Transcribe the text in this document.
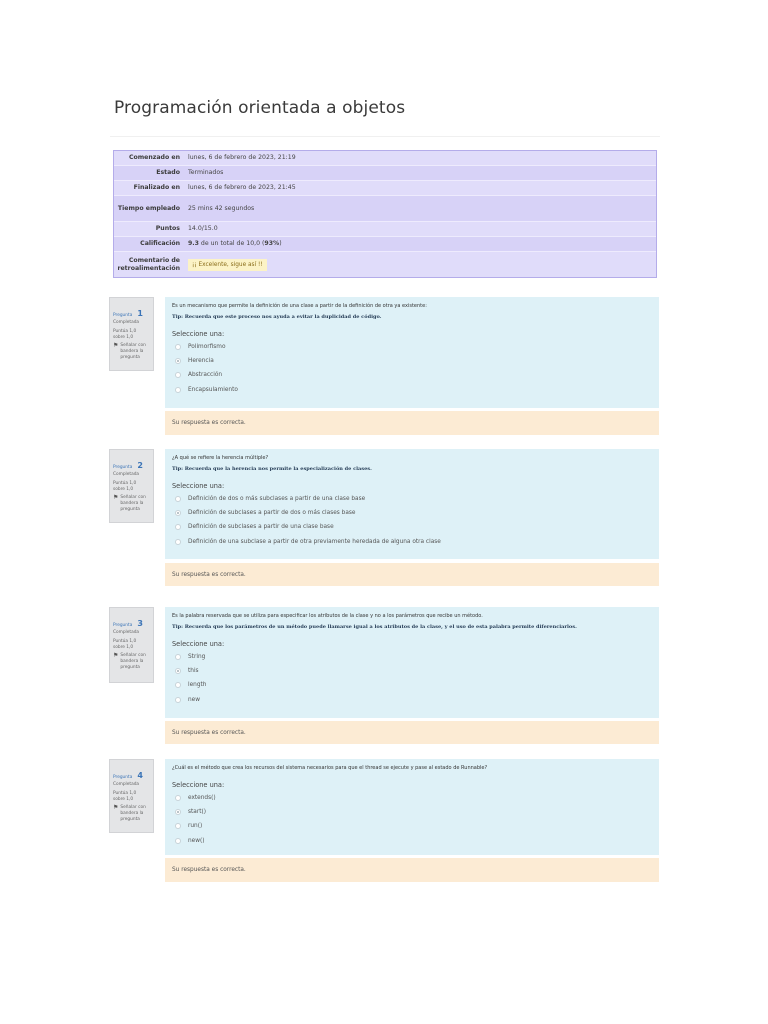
Programación orientada a objetos
Comenzado en	lunes, 6 de febrero de 2023, 21:19
Estado	Terminados
Finalizado en	lunes, 6 de febrero de 2023, 21:45
Tiempo empleado	25 mins 42 segundos
Puntos	14.0/15.0
Calificación	9.3 de un total de 10,0 (93%)
Comentario de retroalimentación	¡¡ Excelente, sigue así !!
Pregunta 1
Completada
Puntúa 1,0
sobre 1,0
⚑ Señalar con bandera la pregunta
Es un mecanismo que permite la definición de una clase a partir de la definición de otra ya existente:
Tip: Recuerda que este proceso nos ayuda a evitar la duplicidad de código.
Seleccione una:
Polimorfismo
Herencia
Abstracción
Encapsulamiento
Su respuesta es correcta.
Pregunta 2
Completada
Puntúa 1,0
sobre 1,0
⚑ Señalar con bandera la pregunta
¿A qué se refiere la herencia múltiple?
Tip: Recuerda que la herencia nos permite la especialización de clases.
Seleccione una:
Definición de dos o más subclases a partir de una clase base
Definición de subclases a partir de dos o más clases base
Definición de subclases a partir de una clase base
Definición de una subclase a partir de otra previamente heredada de alguna otra clase
Su respuesta es correcta.
Pregunta 3
Completada
Puntúa 1,0
sobre 1,0
⚑ Señalar con bandera la pregunta
Es la palabra reservada que se utiliza para especificar los atributos de la clase y no a los parámetros que recibe un método.
Tip: Recuerda que los parámetros de un método puede llamarse igual a los atributos de la clase, y el uso de esta palabra permite diferenciarlos.
Seleccione una:
String
this
length
new
Su respuesta es correcta.
Pregunta 4
Completada
Puntúa 1,0
sobre 1,0
⚑ Señalar con bandera la pregunta
¿Cuál es el método que crea los recursos del sistema necesarios para que el thread se ejecute y pase al estado de Runnable?
Seleccione una:
extends()
start()
run()
new()
Su respuesta es correcta.
